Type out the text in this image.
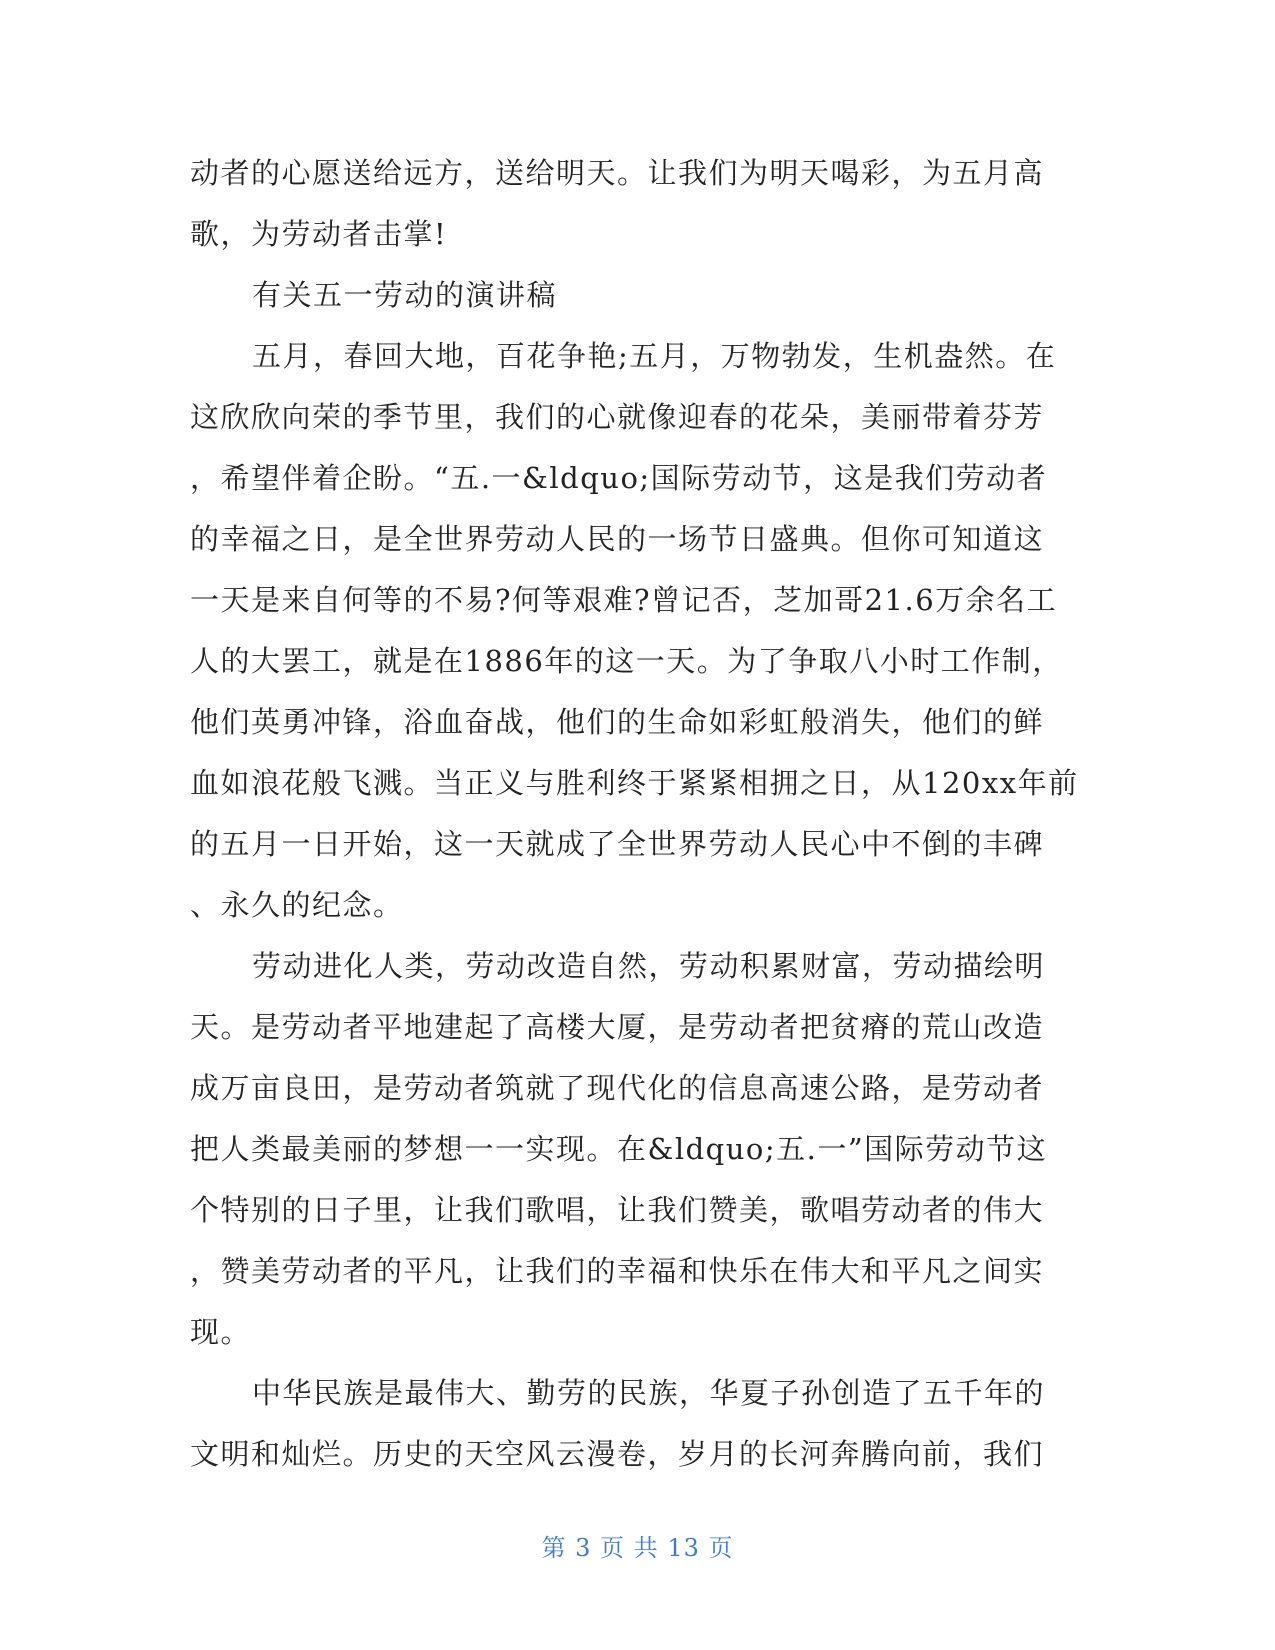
动者的心愿送给远方，送给明天。让我们为明天喝彩，为五月高
歌，为劳动者击掌!
有关五一劳动的演讲稿
五月，春回大地，百花争艳;五月，万物勃发，生机盎然。在
这欣欣向荣的季节里，我们的心就像迎春的花朵，美丽带着芬芳
，希望伴着企盼。“五.一&ldquo;国际劳动节，这是我们劳动者
的幸福之日，是全世界劳动人民的一场节日盛典。但你可知道这
一天是来自何等的不易?何等艰难?曾记否，芝加哥21.6万余名工
人的大罢工，就是在1886年的这一天。为了争取八小时工作制，
他们英勇冲锋，浴血奋战，他们的生命如彩虹般消失，他们的鲜
血如浪花般飞溅。当正义与胜利终于紧紧相拥之日，从120xx年前
的五月一日开始，这一天就成了全世界劳动人民心中不倒的丰碑
、永久的纪念。
劳动进化人类，劳动改造自然，劳动积累财富，劳动描绘明
天。是劳动者平地建起了高楼大厦，是劳动者把贫瘠的荒山改造
成万亩良田，是劳动者筑就了现代化的信息高速公路，是劳动者
把人类最美丽的梦想一一实现。在&ldquo;五.一”国际劳动节这
个特别的日子里，让我们歌唱，让我们赞美，歌唱劳动者的伟大
，赞美劳动者的平凡，让我们的幸福和快乐在伟大和平凡之间实
现。
中华民族是最伟大、勤劳的民族，华夏子孙创造了五千年的
文明和灿烂。历史的天空风云漫卷，岁月的长河奔腾向前，我们
第 3 页 共 13 页
